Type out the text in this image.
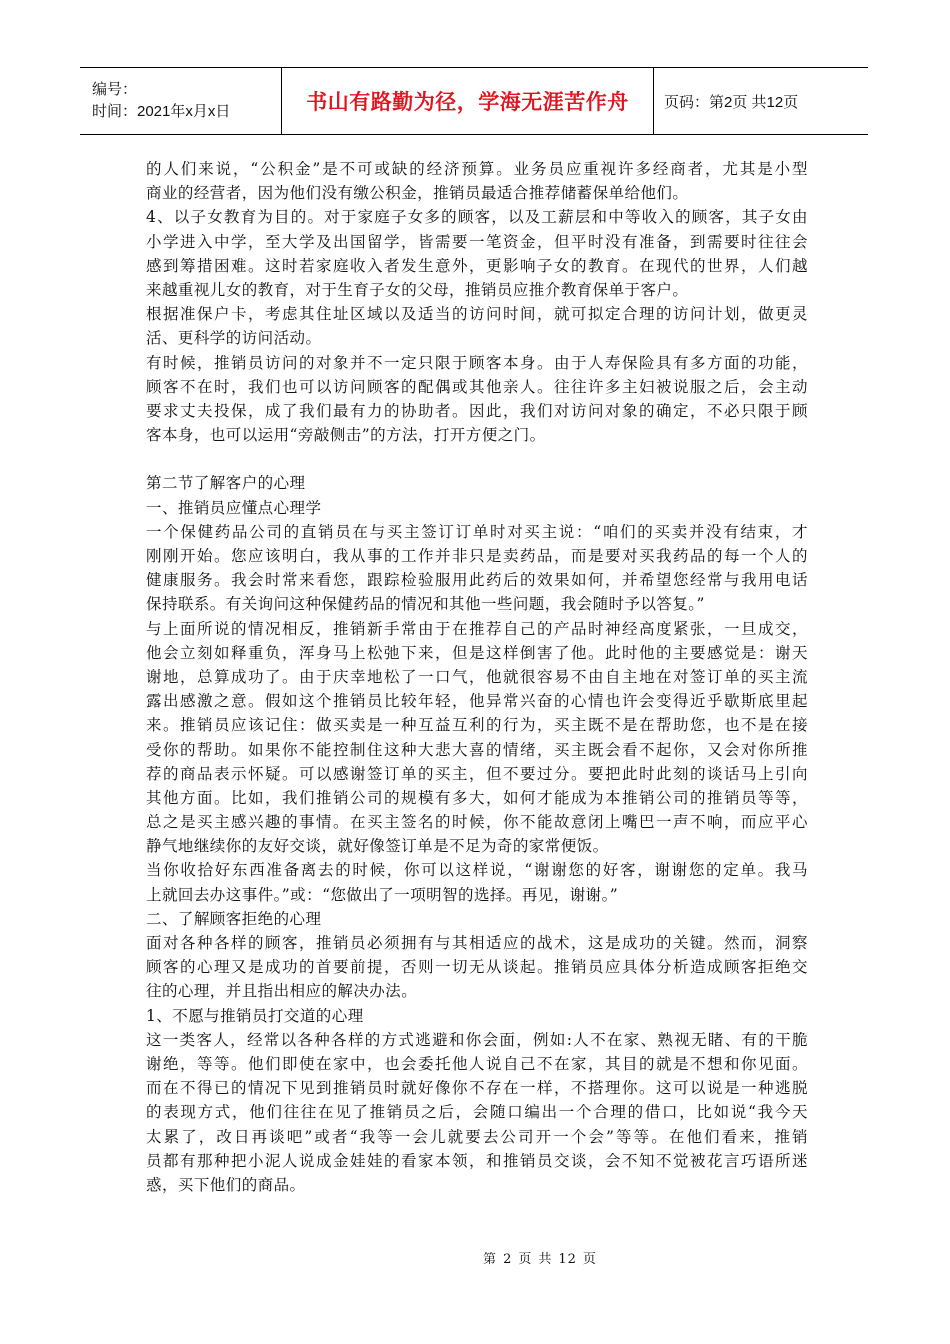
编号：
时间：2021年x月x日	书山有路勤为径，学海无涯苦作舟 页码：第2页 共12页
的人们来说，“公积金”是不可或缺的经济预算。业务员应重视许多经商者，尤其是小型
商业的经营者，因为他们没有缴公积金，推销员最适合推荐储蓄保单给他们。
4、以子女教育为目的。对于家庭子女多的顾客，以及工薪层和中等收入的顾客，其子女由
小学进入中学，至大学及出国留学，皆需要一笔资金，但平时没有准备，到需要时往往会
感到筹措困难。这时若家庭收入者发生意外，更影响子女的教育。在现代的世界，人们越
来越重视儿女的教育，对于生育子女的父母，推销员应推介教育保单于客户。
根据准保户卡，考虑其住址区域以及适当的访问时间，就可拟定合理的访问计划，做更灵
活、更科学的访问活动。
有时候，推销员访问的对象并不一定只限于顾客本身。由于人寿保险具有多方面的功能，
顾客不在时，我们也可以访问顾客的配偶或其他亲人。往往许多主妇被说服之后，会主动
要求丈夫投保，成了我们最有力的协助者。因此，我们对访问对象的确定，不必只限于顾
客本身，也可以运用“旁敲侧击”的方法，打开方便之门。
第二节了解客户的心理
一、推销员应懂点心理学
一个保健药品公司的直销员在与买主签订订单时对买主说：“咱们的买卖并没有结束，才
刚刚开始。您应该明白，我从事的工作并非只是卖药品，而是要对买我药品的每一个人的
健康服务。我会时常来看您，跟踪检验服用此药后的效果如何，并希望您经常与我用电话
保持联系。有关询问这种保健药品的情况和其他一些问题，我会随时予以答复。”
与上面所说的情况相反，推销新手常由于在推荐自己的产品时神经高度紧张，一旦成交，
他会立刻如释重负，浑身马上松弛下来，但是这样倒害了他。此时他的主要感觉是：谢天
谢地，总算成功了。由于庆幸地松了一口气，他就很容易不由自主地在对签订单的买主流
露出感激之意。假如这个推销员比较年轻，他异常兴奋的心情也许会变得近乎歇斯底里起
来。推销员应该记住：做买卖是一种互益互利的行为，买主既不是在帮助您，也不是在接
受你的帮助。如果你不能控制住这种大悲大喜的情绪，买主既会看不起你，又会对你所推
荐的商品表示怀疑。可以感谢签订单的买主，但不要过分。要把此时此刻的谈话马上引向
其他方面。比如，我们推销公司的规模有多大，如何才能成为本推销公司的推销员等等，
总之是买主感兴趣的事情。在买主签名的时候，你不能故意闭上嘴巴一声不响，而应平心
静气地继续你的友好交谈，就好像签订单是不足为奇的家常便饭。
当你收拾好东西准备离去的时候，你可以这样说，“谢谢您的好客，谢谢您的定单。我马
上就回去办这事件。”或：“您做出了一项明智的选择。再见，谢谢。”
二、了解顾客拒绝的心理
面对各种各样的顾客，推销员必须拥有与其相适应的战术，这是成功的关键。然而，洞察
顾客的心理又是成功的首要前提，否则一切无从谈起。推销员应具体分析造成顾客拒绝交
往的心理，并且指出相应的解决办法。
1、不愿与推销员打交道的心理
这一类客人，经常以各种各样的方式逃避和你会面，例如:人不在家、熟视无睹、有的干脆
谢绝，等等。他们即使在家中，也会委托他人说自己不在家，其目的就是不想和你见面。
而在不得已的情况下见到推销员时就好像你不存在一样，不搭理你。这可以说是一种逃脱
的表现方式，他们往往在见了推销员之后，会随口编出一个合理的借口，比如说“我今天
太累了，改日再谈吧”或者“我等一会儿就要去公司开一个会”等等。在他们看来，推销
员都有那种把小泥人说成金娃娃的看家本领，和推销员交谈，会不知不觉被花言巧语所迷
惑，买下他们的商品。
第 2 页 共 12 页
